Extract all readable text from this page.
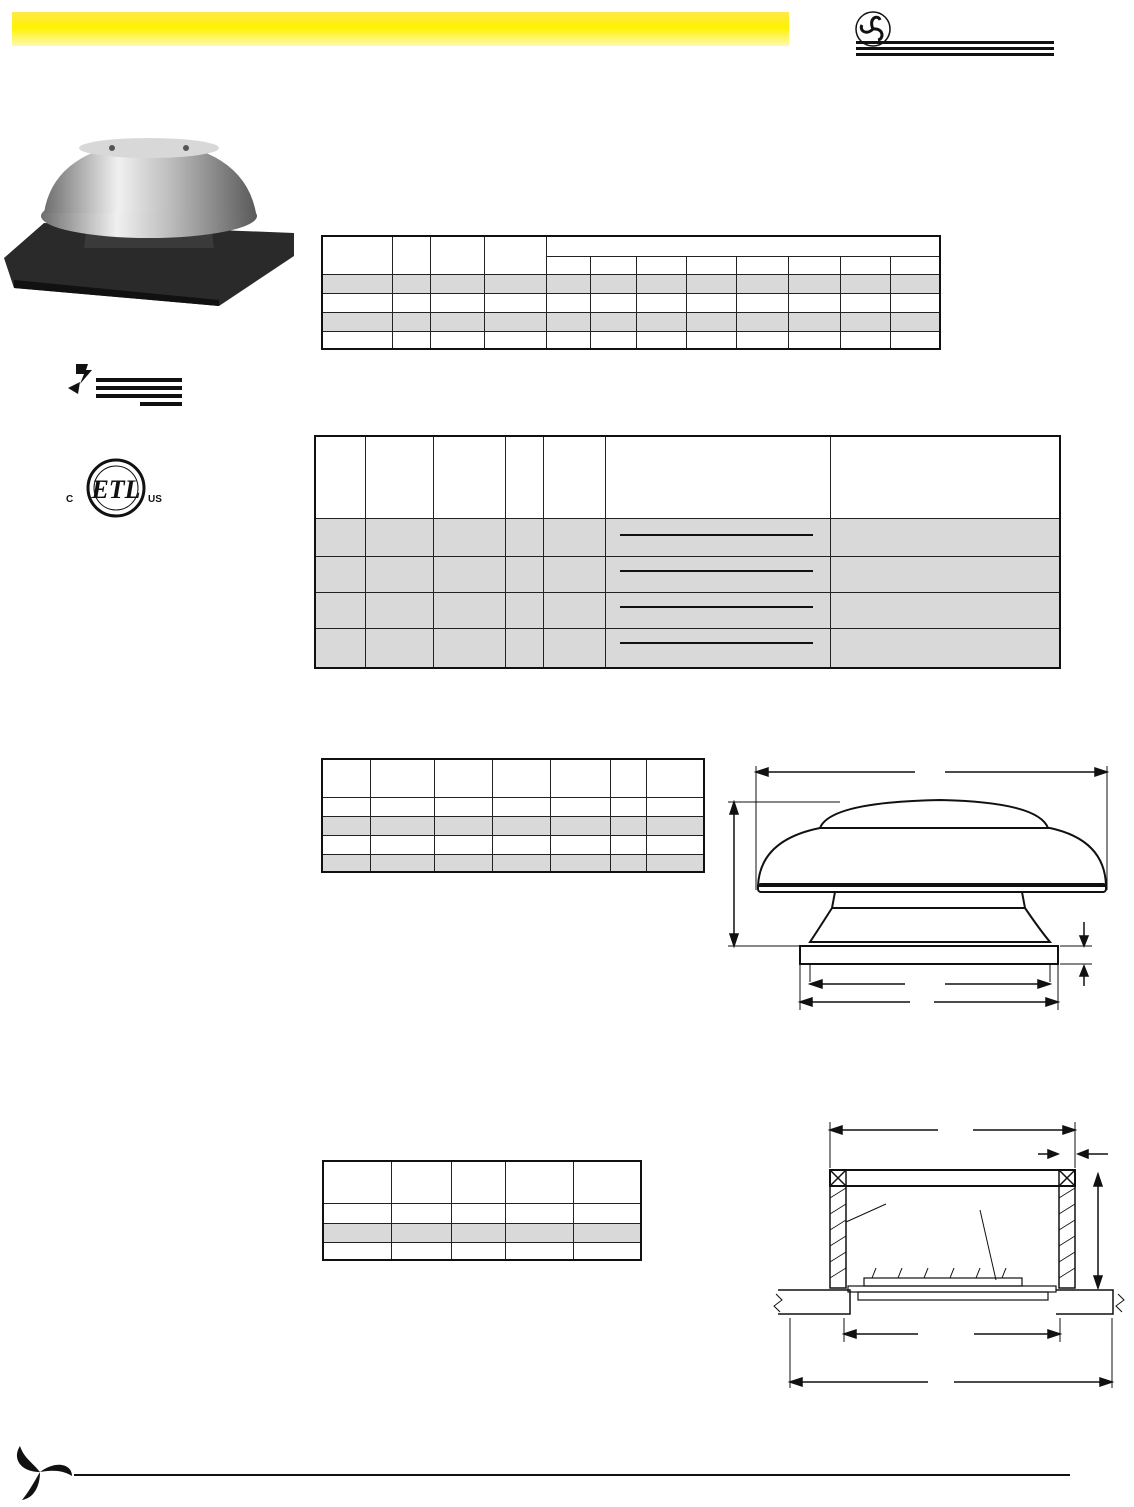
ETL
C	US
